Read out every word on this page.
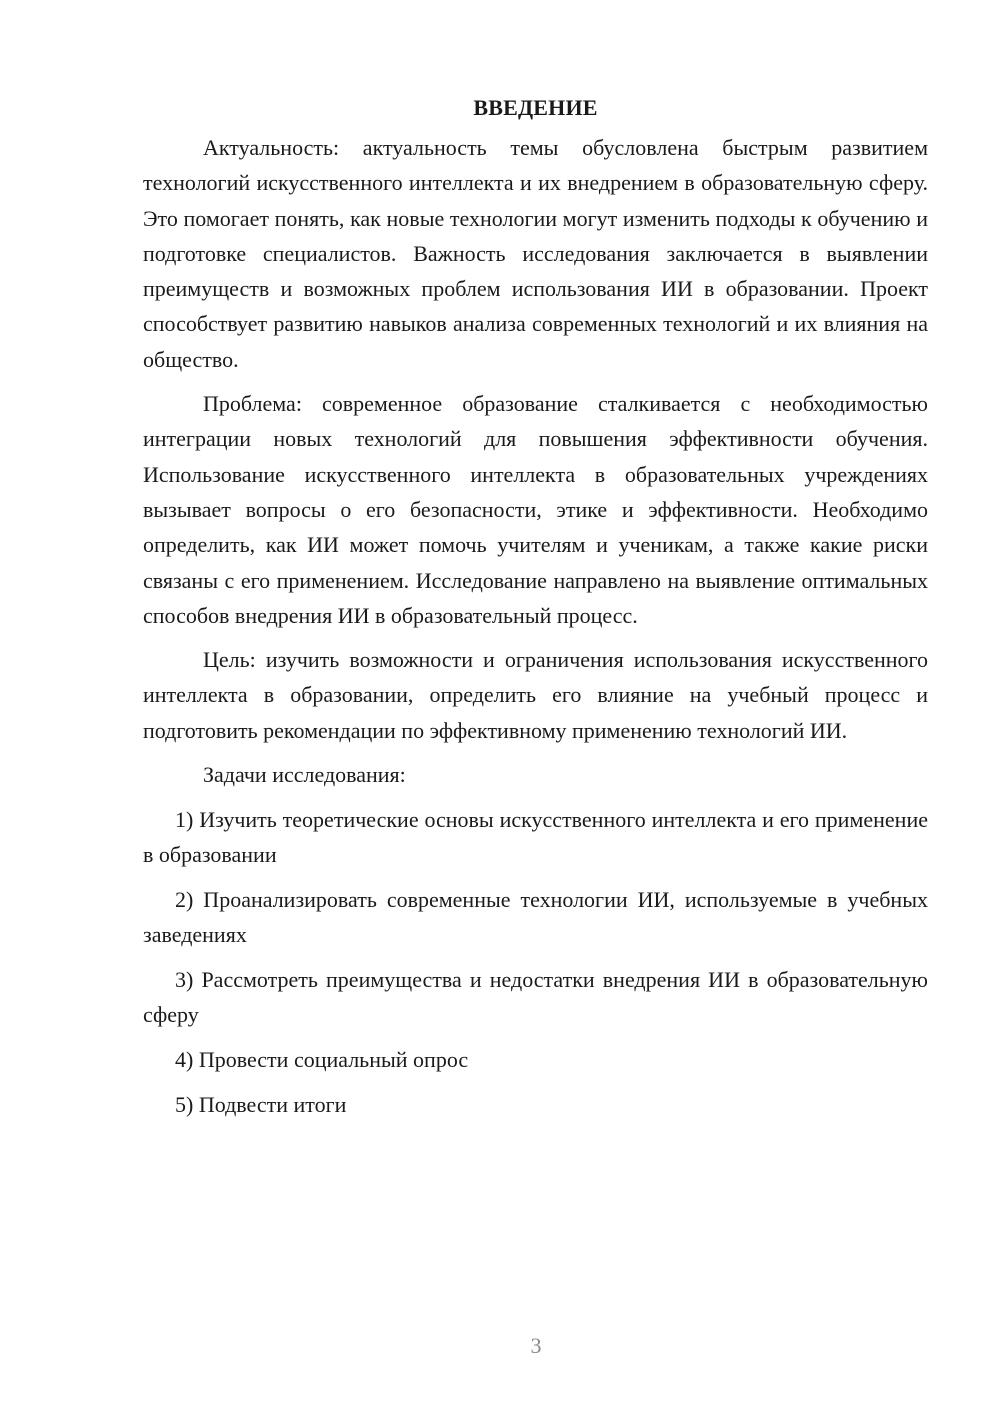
ВВЕДЕНИЕ

Актуальность: актуальность темы обусловлена быстрым развитием технологий искусственного интеллекта и их внедрением в образовательную сферу. Это помогает понять, как новые технологии могут изменить подходы к обучению и подготовке специалистов. Важность исследования заключается в выявлении преимуществ и возможных проблем использования ИИ в образовании. Проект способствует развитию навыков анализа современных технологий и их влияния на общество.

Проблема: современное образование сталкивается с необходимостью интеграции новых технологий для повышения эффективности обучения. Использование искусственного интеллекта в образовательных учреждениях вызывает вопросы о его безопасности, этике и эффективности. Необходимо определить, как ИИ может помочь учителям и ученикам, а также какие риски связаны с его применением. Исследование направлено на выявление оптимальных способов внедрения ИИ в образовательный процесс.

Цель: изучить возможности и ограничения использования искусственного интеллекта в образовании, определить его влияние на учебный процесс и подготовить рекомендации по эффективному применению технологий ИИ.

Задачи исследования:

1) Изучить теоретические основы искусственного интеллекта и его применение в образовании

2) Проанализировать современные технологии ИИ, используемые в учебных заведениях

3) Рассмотреть преимущества и недостатки внедрения ИИ в образовательную сферу

4) Провести социальный опрос

5) Подвести итоги

3
